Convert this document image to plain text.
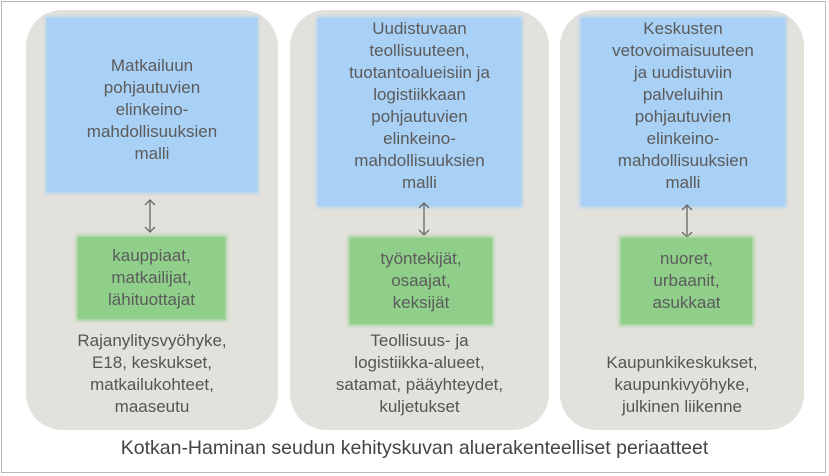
Matkailuun
pohjautuvien
elinkeino-
mahdollisuuksien
malli
kauppiaat,
matkailijat,
lähituottajat
Rajanylitysvyöhyke,
E18, keskukset,
matkailukohteet,
maaseutu
Uudistuvaan
teollisuuteen,
tuotantoalueisiin ja
logistiikkaan
pohjautuvien
elinkeino-
mahdollisuuksien
malli
työntekijät,
osaajat,
keksijät
Teollisuus- ja
logistiikka-alueet,
satamat, pääyhteydet,
kuljetukset
Keskusten
vetovoimaisuuteen
ja uudistuviin
palveluihin
pohjautuvien
elinkeino-
mahdollisuuksien
malli
nuoret,
urbaanit,
asukkaat
Kaupunkikeskukset,
kaupunkivyöhyke,
julkinen liikenne
Kotkan-Haminan seudun kehityskuvan aluerakenteelliset periaatteet
